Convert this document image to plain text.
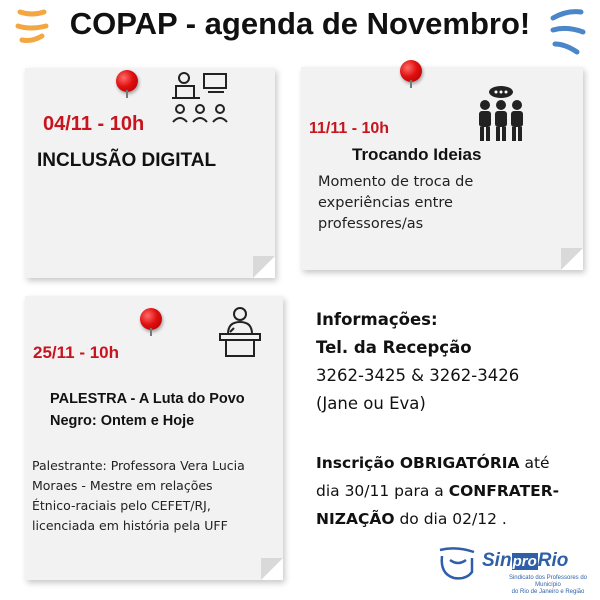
COPAP - agenda de Novembro!
04/11 - 10h
INCLUSÃO DIGITAL
11/11 - 10h
Trocando Ideias
Momento de troca de
experiências entre
professores/as
25/11 - 10h
PALESTRA - A Luta do Povo
Negro: Ontem e Hoje
Palestrante: Professora Vera Lucia
Moraes - Mestre em relações
Étnico-raciais pelo CEFET/RJ,
licenciada em história pela UFF
Informações:
Tel. da Recepção
3262-3425 & 3262-3426
(Jane ou Eva)
Inscrição OBRIGATÓRIA até
dia 30/11 para a CONFRATER-
NIZAÇÃO do dia 02/12 .
SinproRio
Sindicato dos Professores do Município
do Rio de Janeiro e Região
